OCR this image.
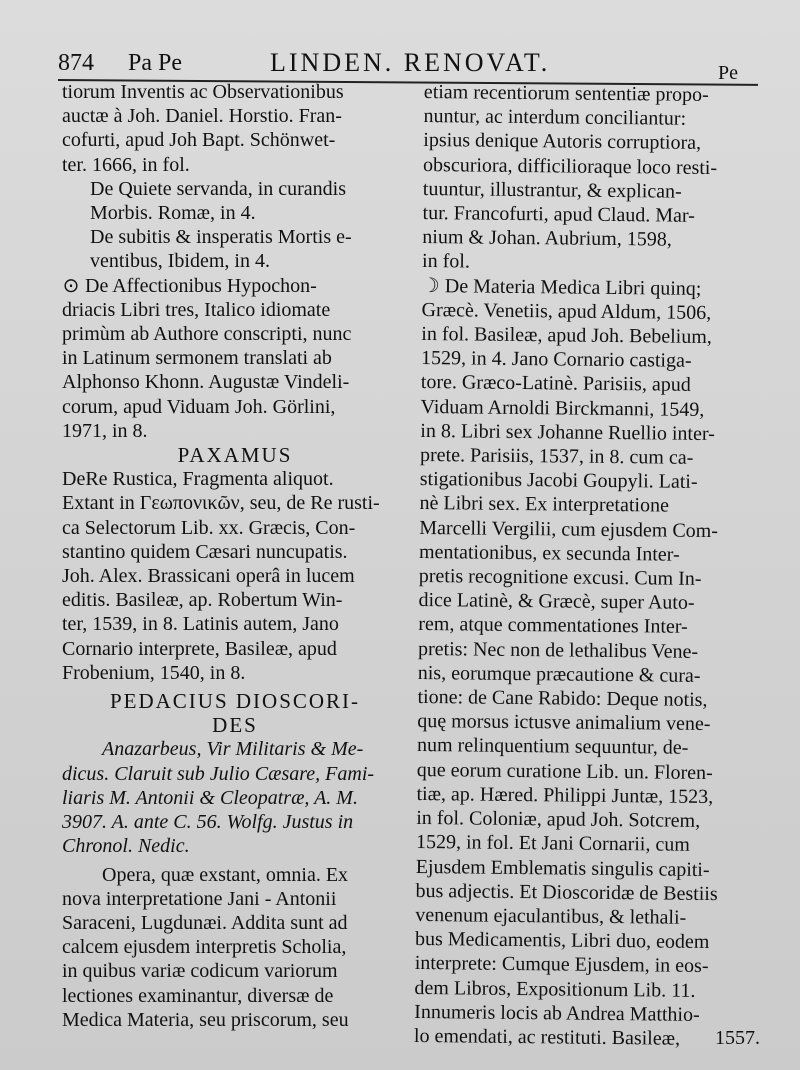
874 Pa Pe	LINDEN. RENOVAT.	Pe

tiorum Inventis ac Observationibus
auctæ à Joh. Daniel. Horstio. Fran-
cofurti, apud Joh Bapt. Schönwet-
ter. 1666, in fol.

De Quiete servanda, in curandis
Morbis. Romæ, in 4.

De subitis & insperatis Mortis e-
ventibus, Ibidem, in 4.

⊙ De Affectionibus Hypochon-
driacis Libri tres, Italico idiomate
primùm ab Authore conscripti, nunc
in Latinum sermonem translati ab
Alphonso Khonn. Augustæ Vindeli-
corum, apud Viduam Joh. Görlini,
1971, in 8.

PAXAMUS

DeRe Rustica, Fragmenta aliquot.
Extant in Γεωπονικῶν, seu, de Re rusti-
ca Selectorum Lib. xx. Græcis, Con-
stantino quidem Cæsari nuncupatis.
Joh. Alex. Brassicani operâ in lucem
editis. Basileæ, ap. Robertum Win-
ter, 1539, in 8. Latinis autem, Jano
Cornario interprete, Basileæ, apud
Frobenium, 1540, in 8.

PEDACIUS DIOSCORI-
DES

Anazarbeus, Vir Militaris & Me-
dicus. Claruit sub Julio Cæsare, Fami-
liaris M. Antonii & Cleopatræ, A. M.
3907. A. ante C. 56. Wolfg. Justus in
Chronol. Nedic.

Opera, quæ exstant, omnia. Ex
nova interpretatione Jani - Antonii
Saraceni, Lugdunæi. Addita sunt ad
calcem ejusdem interpretis Scholia,
in quibus variæ codicum variorum
lectiones examinantur, diversæ de
Medica Materia, seu priscorum, seu

etiam recentiorum sententiæ propo-
nuntur, ac interdum conciliantur:
ipsius denique Autoris corruptiora,
obscuriora, difficilioraque loco resti-
tuuntur, illustrantur, & explican-
tur. Francofurti, apud Claud. Mar-
nium & Johan. Aubrium, 1598,
in fol.

☽ De Materia Medica Libri quinq;
Græcè. Venetiis, apud Aldum, 1506,
in fol. Basileæ, apud Joh. Bebelium,
1529, in 4. Jano Cornario castiga-
tore. Græco-Latinè. Parisiis, apud
Viduam Arnoldi Birckmanni, 1549,
in 8. Libri sex Johanne Ruellio inter-
prete. Parisiis, 1537, in 8. cum ca-
stigationibus Jacobi Goupyli. Lati-
nè Libri sex. Ex interpretatione
Marcelli Vergilii, cum ejusdem Com-
mentationibus, ex secunda Inter-
pretis recognitione excusi. Cum In-
dice Latinè, & Græcè, super Auto-
rem, atque commentationes Inter-
pretis: Nec non de lethalibus Vene-
nis, eorumque præcautione & cura-
tione: de Cane Rabido: Deque notis,
quę morsus ictusve animalium vene-
num relinquentium sequuntur, de-
que eorum curatione Lib. un. Floren-
tiæ, ap. Hæred. Philippi Juntæ, 1523,
in fol. Coloniæ, apud Joh. Sotcrem,
1529, in fol. Et Jani Cornarii, cum
Ejusdem Emblematis singulis capiti-
bus adjectis. Et Dioscoridæ de Bestiis
venenum ejaculantibus, & lethali-
bus Medicamentis, Libri duo, eodem
interprete: Cumque Ejusdem, in eos-
dem Libros, Expositionum Lib. 11.
Innumeris locis ab Andrea Matthio-
lo emendati, ac restituti. Basileæ,	1557.
